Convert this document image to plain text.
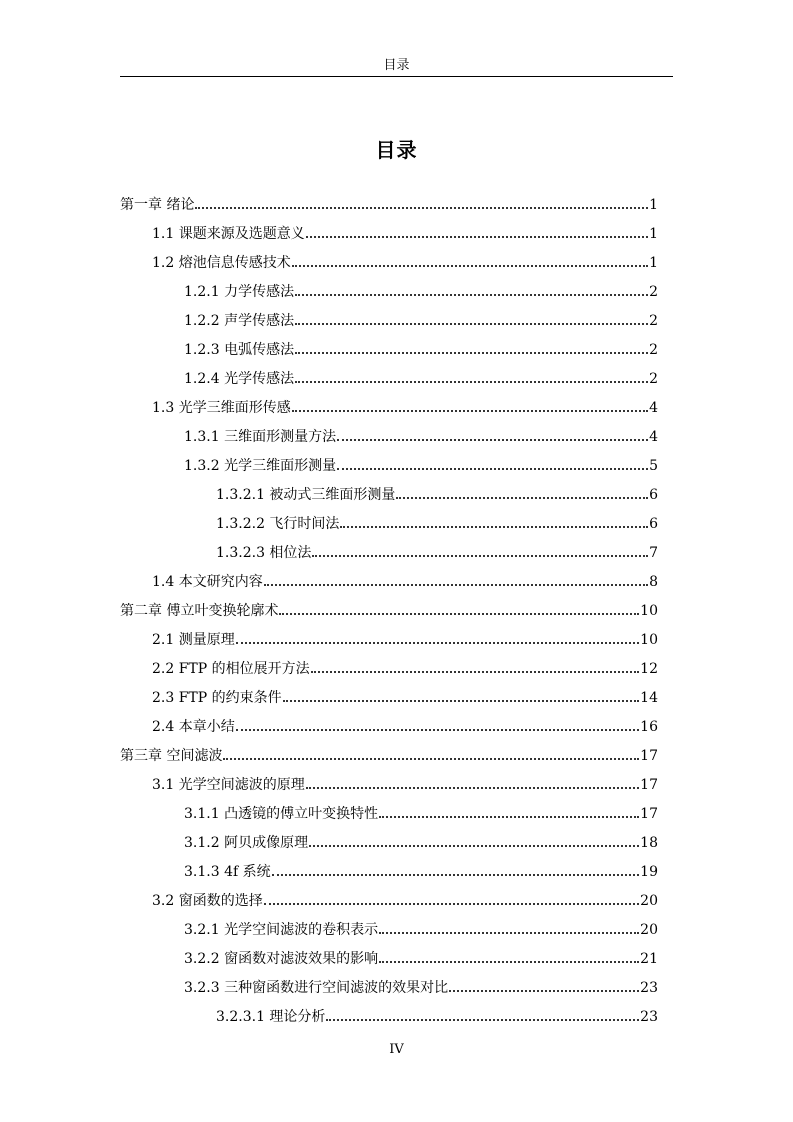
目录
目录
第一章 绪论	1
1.1 课题来源及选题意义	1
1.2 熔池信息传感技术	1
1.2.1 力学传感法	2
1.2.2 声学传感法	2
1.2.3 电弧传感法	2
1.2.4 光学传感法	2
1.3 光学三维面形传感	4
1.3.1 三维面形测量方法	4
1.3.2 光学三维面形测量	5
1.3.2.1 被动式三维面形测量	6
1.3.2.2 飞行时间法	6
1.3.2.3 相位法	7
1.4 本文研究内容	8
第二章 傅立叶变换轮廓术	10
2.1 测量原理	10
2.2 FTP 的相位展开方法	12
2.3 FTP 的约束条件	14
2.4 本章小结	16
第三章 空间滤波	17
3.1 光学空间滤波的原理	17
3.1.1 凸透镜的傅立叶变换特性	17
3.1.2 阿贝成像原理	18
3.1.3 4f 系统	19
3.2 窗函数的选择	20
3.2.1 光学空间滤波的卷积表示	20
3.2.2 窗函数对滤波效果的影响	21
3.2.3 三种窗函数进行空间滤波的效果对比	23
3.2.3.1 理论分析	23
IV
